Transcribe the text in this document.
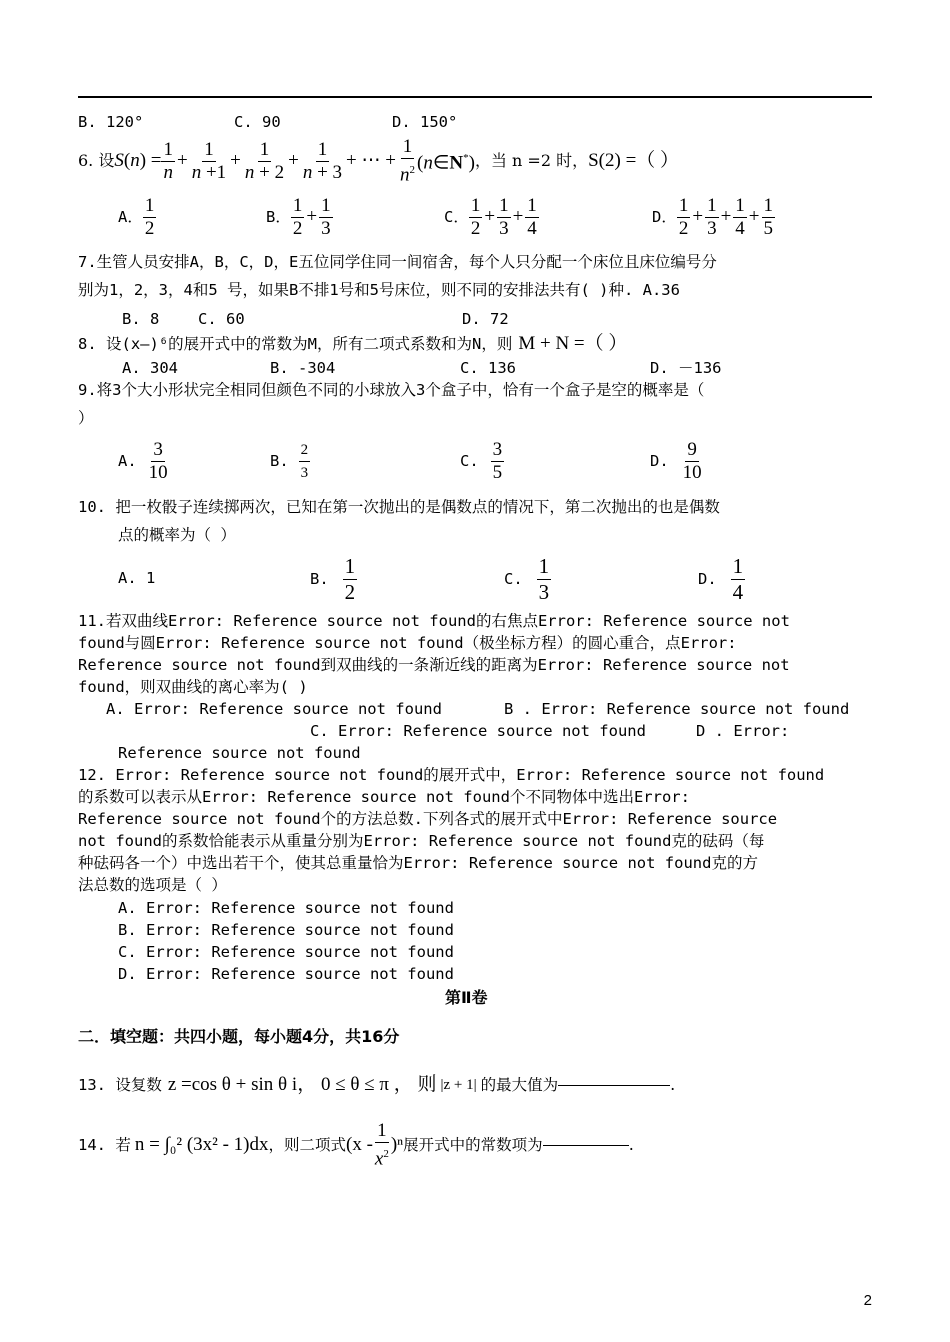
B. 120°	C. 90	D. 150°
6. 设 S ( n ) = $\frac{1}{n} + \frac{1}{n +1} + \frac{1}{n + 2} + \frac{1}{n + 3}$ + ⋯ + $\frac{1}{n^2}$ (n∈N*) ，当 n =2 时， S(2) =（ ）
A． $\frac{1}{2}$	B． $\frac{1}{2} + \frac{1}{3}$	C． $\frac{1}{2} + \frac{1}{3} + \frac{1}{4}$	D． $\frac{1}{2} + \frac{1}{3} + \frac{1}{4} + \frac{1}{5}$
7.生管人员安排A，B，C，D，E五位同学住同一间宿舍，每个人只分配一个床位且床位编号分
别为1，2，3，4和5 号，如果B不排1号和5号床位，则不同的安排法共有( )种. A.36
B. 8 C. 60	D. 72
8. 设(x—)⁶的展开式中的常数为M，所有二项式系数和为N，则 M + N =（ ）
A. 304	B. -304	C. 136	D. －136
9.将3个大小形状完全相同但颜色不同的小球放入3个盒子中，恰有一个盒子是空的概率是（
）
A. $\frac{3}{10}$	B. $\frac{2}{3}$	C. $\frac{3}{5}$	D. $\frac{9}{10}$
10. 把一枚骰子连续掷两次，已知在第一次抛出的是偶数点的情况下，第二次抛出的也是偶数
点的概率为（ ）
A. 1	B. $\frac{1}{2}$	C. $\frac{1}{3}$	D. $\frac{1}{4}$
11.若双曲线Error: Reference source not found的右焦点Error: Reference source not
found与圆Error: Reference source not found（极坐标方程）的圆心重合，点Error:
Reference source not found到双曲线的一条渐近线的距离为Error: Reference source not
found，则双曲线的离心率为( )
A. Error: Reference source not found	B . Error: Reference source not found
C. Error: Reference source not found	D . Error:
Reference source not found
12. Error: Reference source not found的展开式中，Error: Reference source not found
的系数可以表示从Error: Reference source not found个不同物体中选出Error:
Reference source not found个的方法总数.下列各式的展开式中Error: Reference source
not found的系数恰能表示从重量分别为Error: Reference source not found克的砝码（每
种砝码各一个）中选出若干个，使其总重量恰为Error: Reference source not found克的方
法总数的选项是（ ）
A. Error: Reference source not found
B. Error: Reference source not found
C. Error: Reference source not found
D. Error: Reference source not found
第Ⅱ卷
二．填空题：共四小题，每小题4分，共16分
13. 设复数 z =cos θ + sin θ i ， 0 ≤ θ ≤ π ， 则 |z + 1| 的最大值为	.
14. 若 n = ∫₀² (3x² - 1)dx ，则二项式 $(x - \frac{1}{x^2} )^n$ 展开式中的常数项为	.
2
